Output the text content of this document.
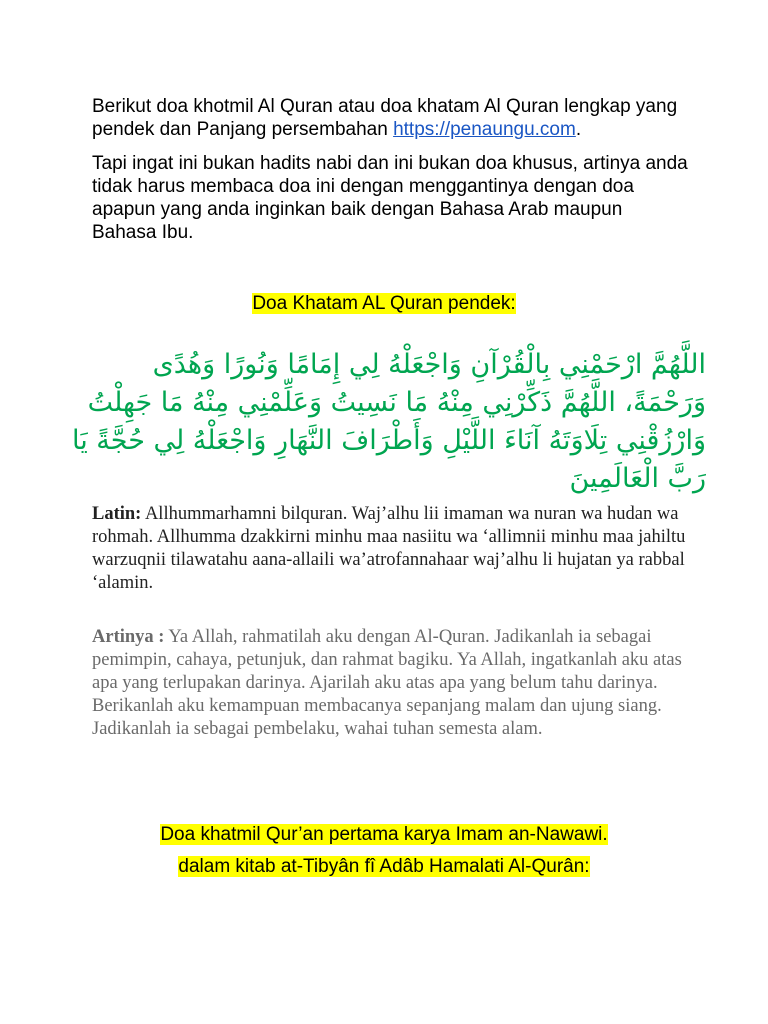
Berikut doa khotmil Al Quran atau doa khatam Al Quran lengkap yang pendek dan Panjang persembahan https://penaungu.com.

Tapi ingat ini bukan hadits nabi dan ini bukan doa khusus, artinya anda tidak harus membaca doa ini dengan menggantinya dengan doa apapun yang anda inginkan baik dengan Bahasa Arab maupun Bahasa Ibu.

Doa Khatam AL Quran pendek:

اللَّهُمَّ ارْحَمْنِي بِالْقُرْآنِ وَاجْعَلْهُ لِي إِمَامًا وَنُورًا وَهُدًى وَرَحْمَةً، اللَّهُمَّ ذَكِّرْنِي مِنْهُ مَا نَسِيتُ وَعَلِّمْنِي مِنْهُ مَا جَهِلْتُ وَارْزُقْنِي تِلَاوَتَهُ آنَاءَ اللَّيْلِ وَأَطْرَافَ النَّهَارِ وَاجْعَلْهُ لِي حُجَّةً يَا رَبَّ الْعَالَمِينَ

Latin: Allhummarhamni bilquran. Waj’alhu lii imaman wa nuran wa hudan wa rohmah. Allhumma dzakkirni minhu maa nasiitu wa ‘allimnii minhu maa jahiltu warzuqnii tilawatahu aana-allaili wa’atrofannahaar waj’alhu li hujatan ya rabbal ‘alamin.

Artinya : Ya Allah, rahmatilah aku dengan Al-Quran. Jadikanlah ia sebagai pemimpin, cahaya, petunjuk, dan rahmat bagiku. Ya Allah, ingatkanlah aku atas apa yang terlupakan darinya. Ajarilah aku atas apa yang belum tahu darinya. Berikanlah aku kemampuan membacanya sepanjang malam dan ujung siang. Jadikanlah ia sebagai pembelaku, wahai tuhan semesta alam.

Doa khatmil Qur’an pertama karya Imam an-Nawawi.
dalam kitab at-Tibyân fî Adâb Hamalati Al-Qurân:
